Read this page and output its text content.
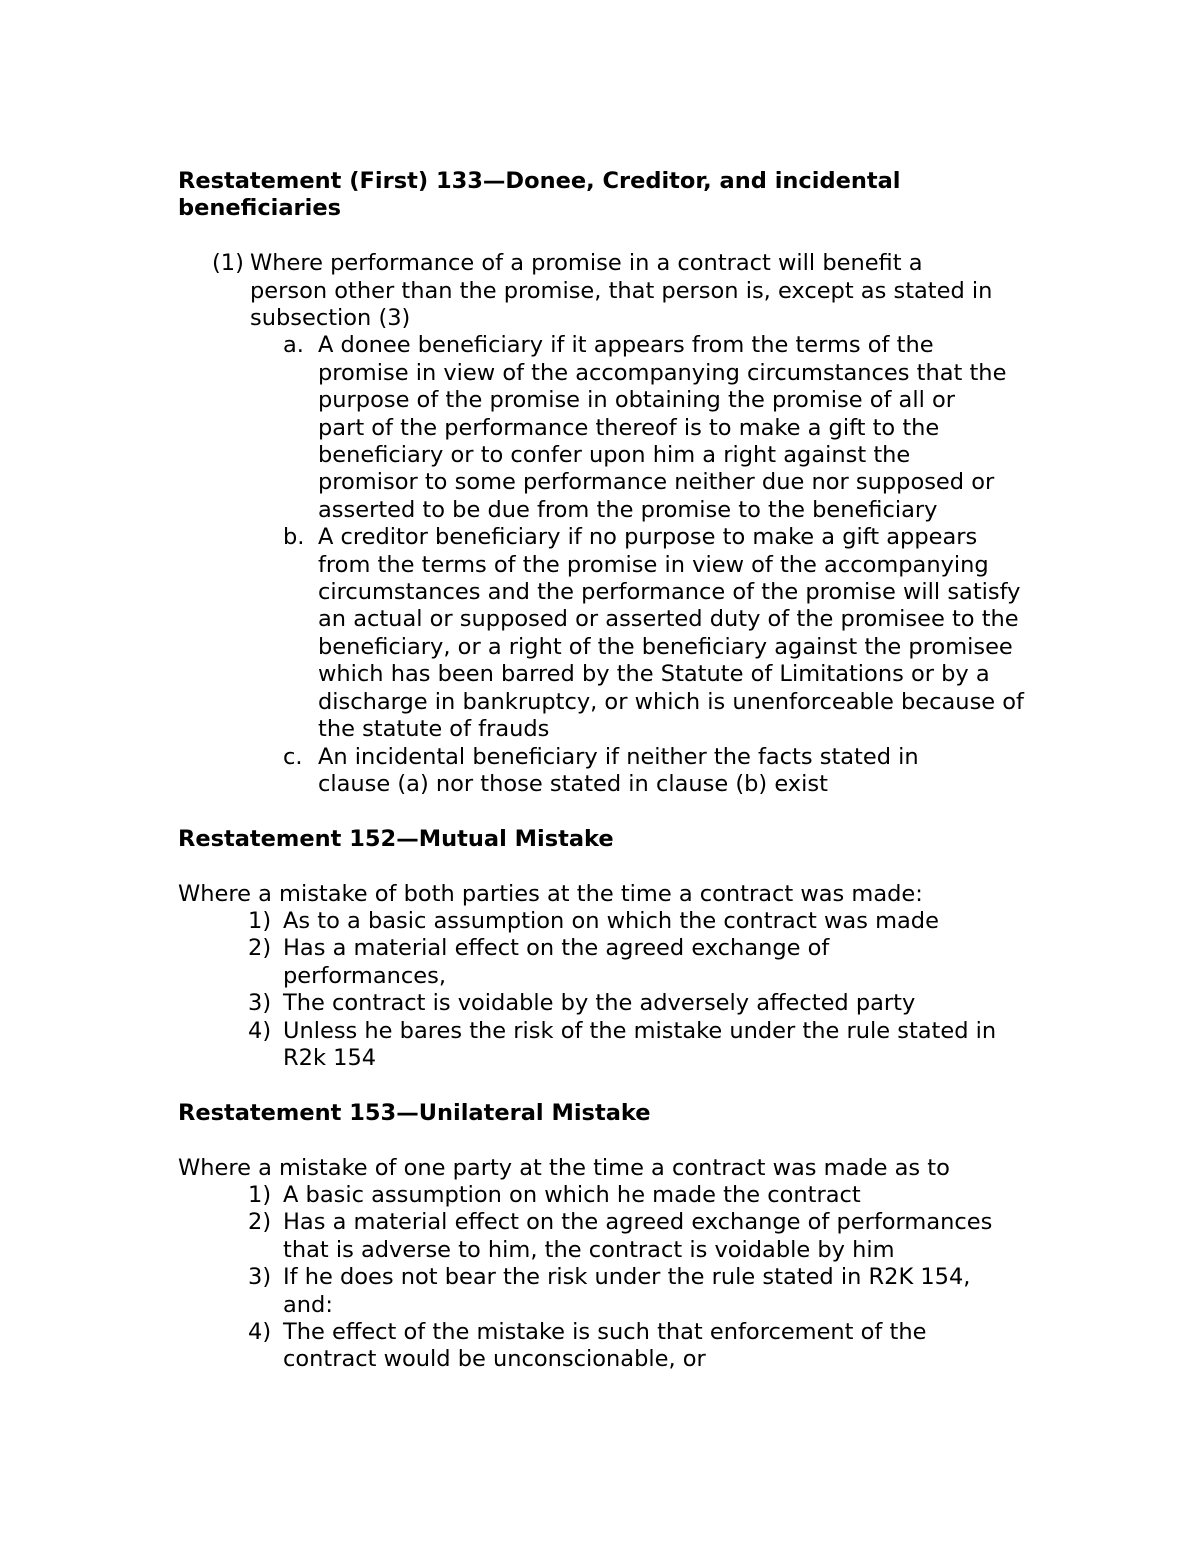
Restatement (First) 133—Donee, Creditor, and incidental beneficiaries

(1) Where performance of a promise in a contract will benefit a person other than the promise, that person is, except as stated in subsection (3)
a. A donee beneficiary if it appears from the terms of the promise in view of the accompanying circumstances that the purpose of the promise in obtaining the promise of all or part of the performance thereof is to make a gift to the beneficiary or to confer upon him a right against the promisor to some performance neither due nor supposed or asserted to be due from the promise to the beneficiary
b. A creditor beneficiary if no purpose to make a gift appears from the terms of the promise in view of the accompanying circumstances and the performance of the promise will satisfy an actual or supposed or asserted duty of the promisee to the beneficiary, or a right of the beneficiary against the promisee which has been barred by the Statute of Limitations or by a discharge in bankruptcy, or which is unenforceable because of the statute of frauds
c. An incidental beneficiary if neither the facts stated in clause (a) nor those stated in clause (b) exist

Restatement 152—Mutual Mistake

Where a mistake of both parties at the time a contract was made:

1) As to a basic assumption on which the contract was made
2) Has a material effect on the agreed exchange of performances,
3) The contract is voidable by the adversely affected party
4) Unless he bares the risk of the mistake under the rule stated in R2k 154

Restatement 153—Unilateral Mistake

Where a mistake of one party at the time a contract was made as to

1) A basic assumption on which he made the contract
2) Has a material effect on the agreed exchange of performances that is adverse to him, the contract is voidable by him
3) If he does not bear the risk under the rule stated in R2K 154, and:
4) The effect of the mistake is such that enforcement of the contract would be unconscionable, or
